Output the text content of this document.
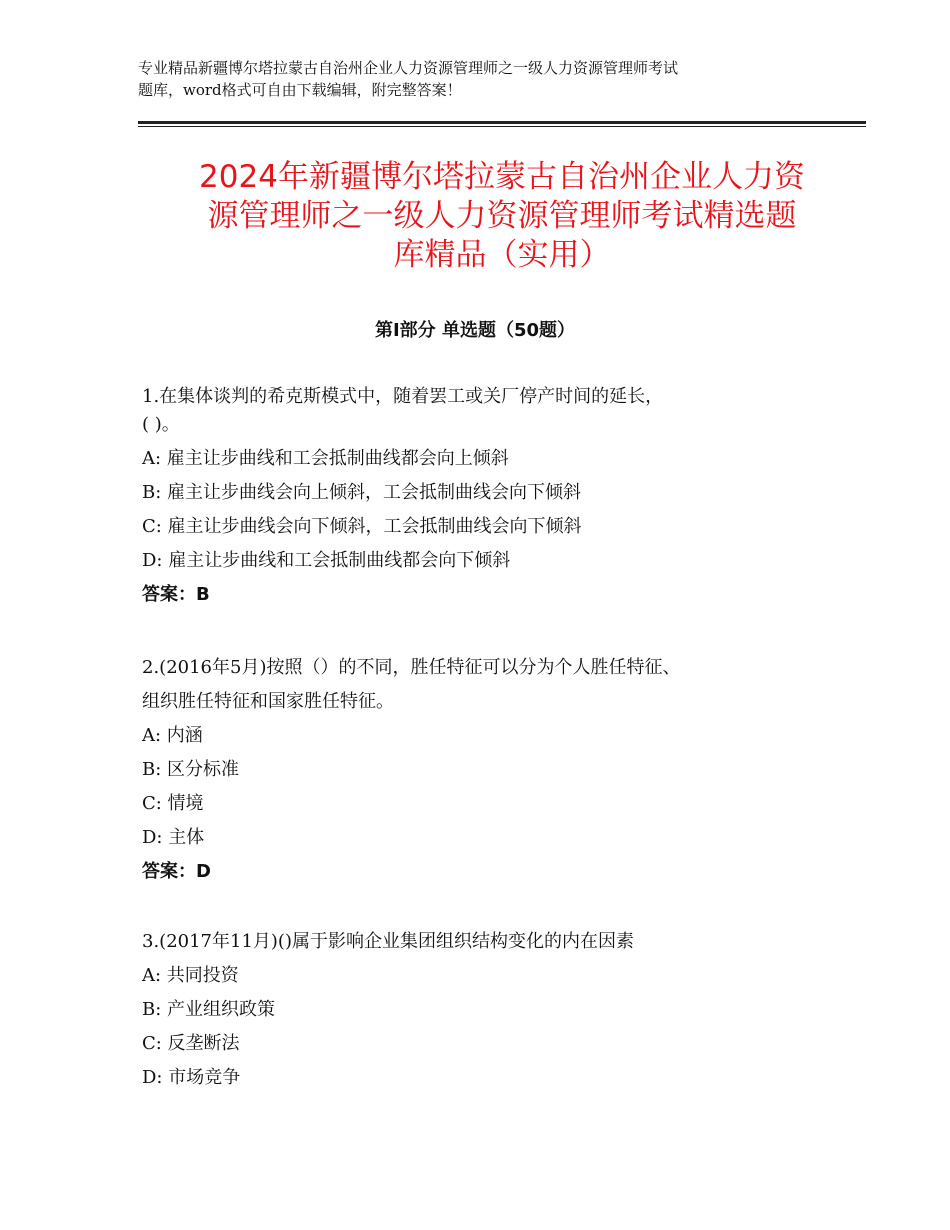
专业精品新疆博尔塔拉蒙古自治州企业人力资源管理师之一级人力资源管理师考试
题库，word格式可自由下载编辑，附完整答案！
2024年新疆博尔塔拉蒙古自治州企业人力资
源管理师之一级人力资源管理师考试精选题
库精品（实用）
第Ⅰ部分 单选题（50题）
1.在集体谈判的希克斯模式中，随着罢工或关厂停产时间的延长，
( )。
A: 雇主让步曲线和工会抵制曲线都会向上倾斜
B: 雇主让步曲线会向上倾斜，工会抵制曲线会向下倾斜
C: 雇主让步曲线会向下倾斜，工会抵制曲线会向下倾斜
D: 雇主让步曲线和工会抵制曲线都会向下倾斜
答案：B
2.(2016年5月)按照（）的不同，胜任特征可以分为个人胜任特征、
组织胜任特征和国家胜任特征。
A: 内涵
B: 区分标准
C: 情境
D: 主体
答案：D
3.(2017年11月)()属于影响企业集团组织结构变化的内在因素
A: 共同投资
B: 产业组织政策
C: 反垄断法
D: 市场竞争
